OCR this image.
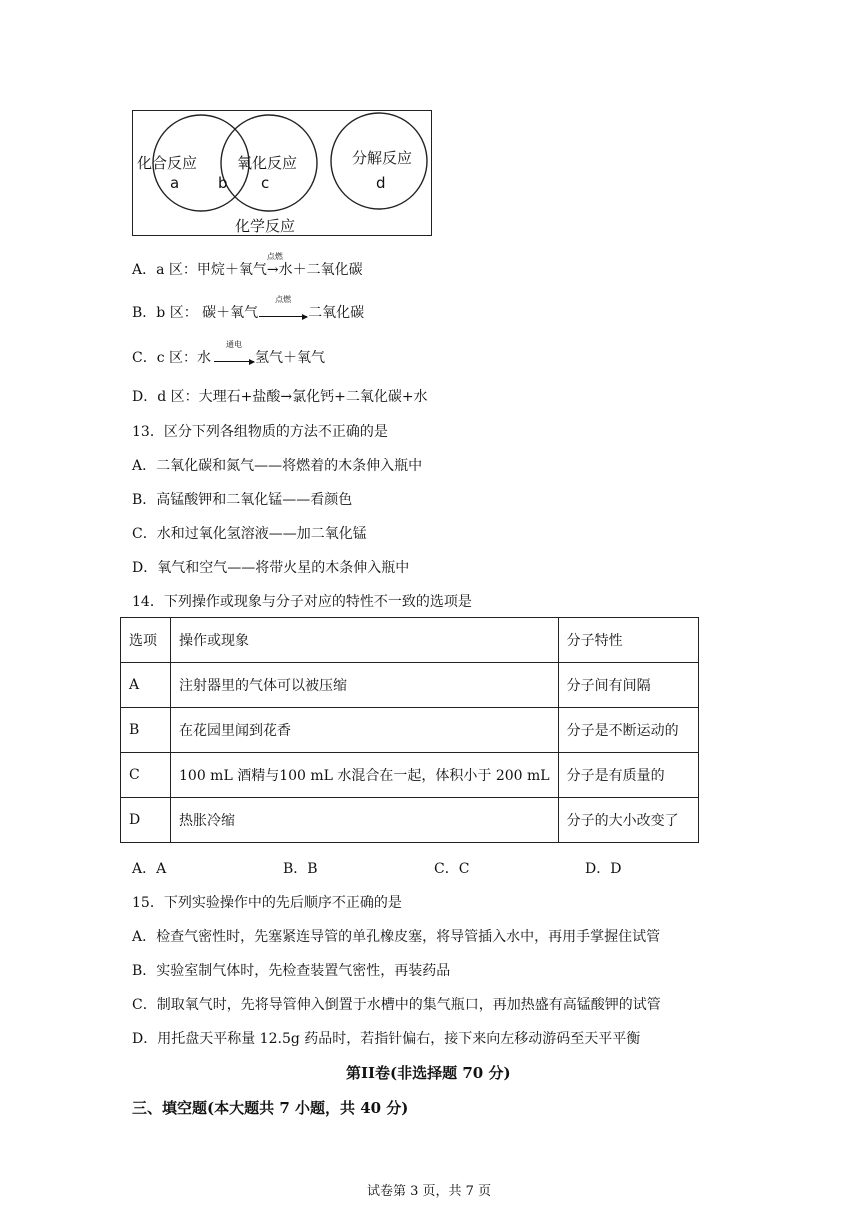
化合反应
a	b
氧化反应
c
分解反应
d
化学反应
A．a 区：甲烷＋氧气
点燃
→水＋二氧化碳
B．b 区： 碳＋氧气
点燃
二氧化碳
C．c 区：水
通电
氢气＋氧气
D．d 区：大理石+盐酸→氯化钙+二氧化碳+水
13．区分下列各组物质的方法不正确的是
A．二氧化碳和氮气——将燃着的木条伸入瓶中
B．高锰酸钾和二氧化锰——看颜色
C．水和过氧化氢溶液——加二氧化锰
D．氧气和空气——将带火星的木条伸入瓶中
14．下列操作或现象与分子对应的特性不一致的选项是
选项	操作或现象	分子特性
A	注射器里的气体可以被压缩	分子间有间隔
B	在花园里闻到花香	分子是不断运动的
C	100 mL 酒精与100 mL 水混合在一起，体积小于 200 mL	分子是有质量的
D	热胀冷缩	分子的大小改变了
A．A	B．B	C．C	D．D
15．下列实验操作中的先后顺序不正确的是
A．检查气密性时，先塞紧连导管的单孔橡皮塞，将导管插入水中，再用手掌握住试管
B．实验室制气体时，先检查装置气密性，再装药品
C．制取氧气时，先将导管伸入倒置于水槽中的集气瓶口，再加热盛有高锰酸钾的试管
D．用托盘天平称量 12.5g 药品时，若指针偏右，接下来向左移动游码至天平平衡
第II卷(非选择题 70 分)
三、填空题(本大题共 7 小题，共 40 分)
试卷第 3 页，共 7 页
